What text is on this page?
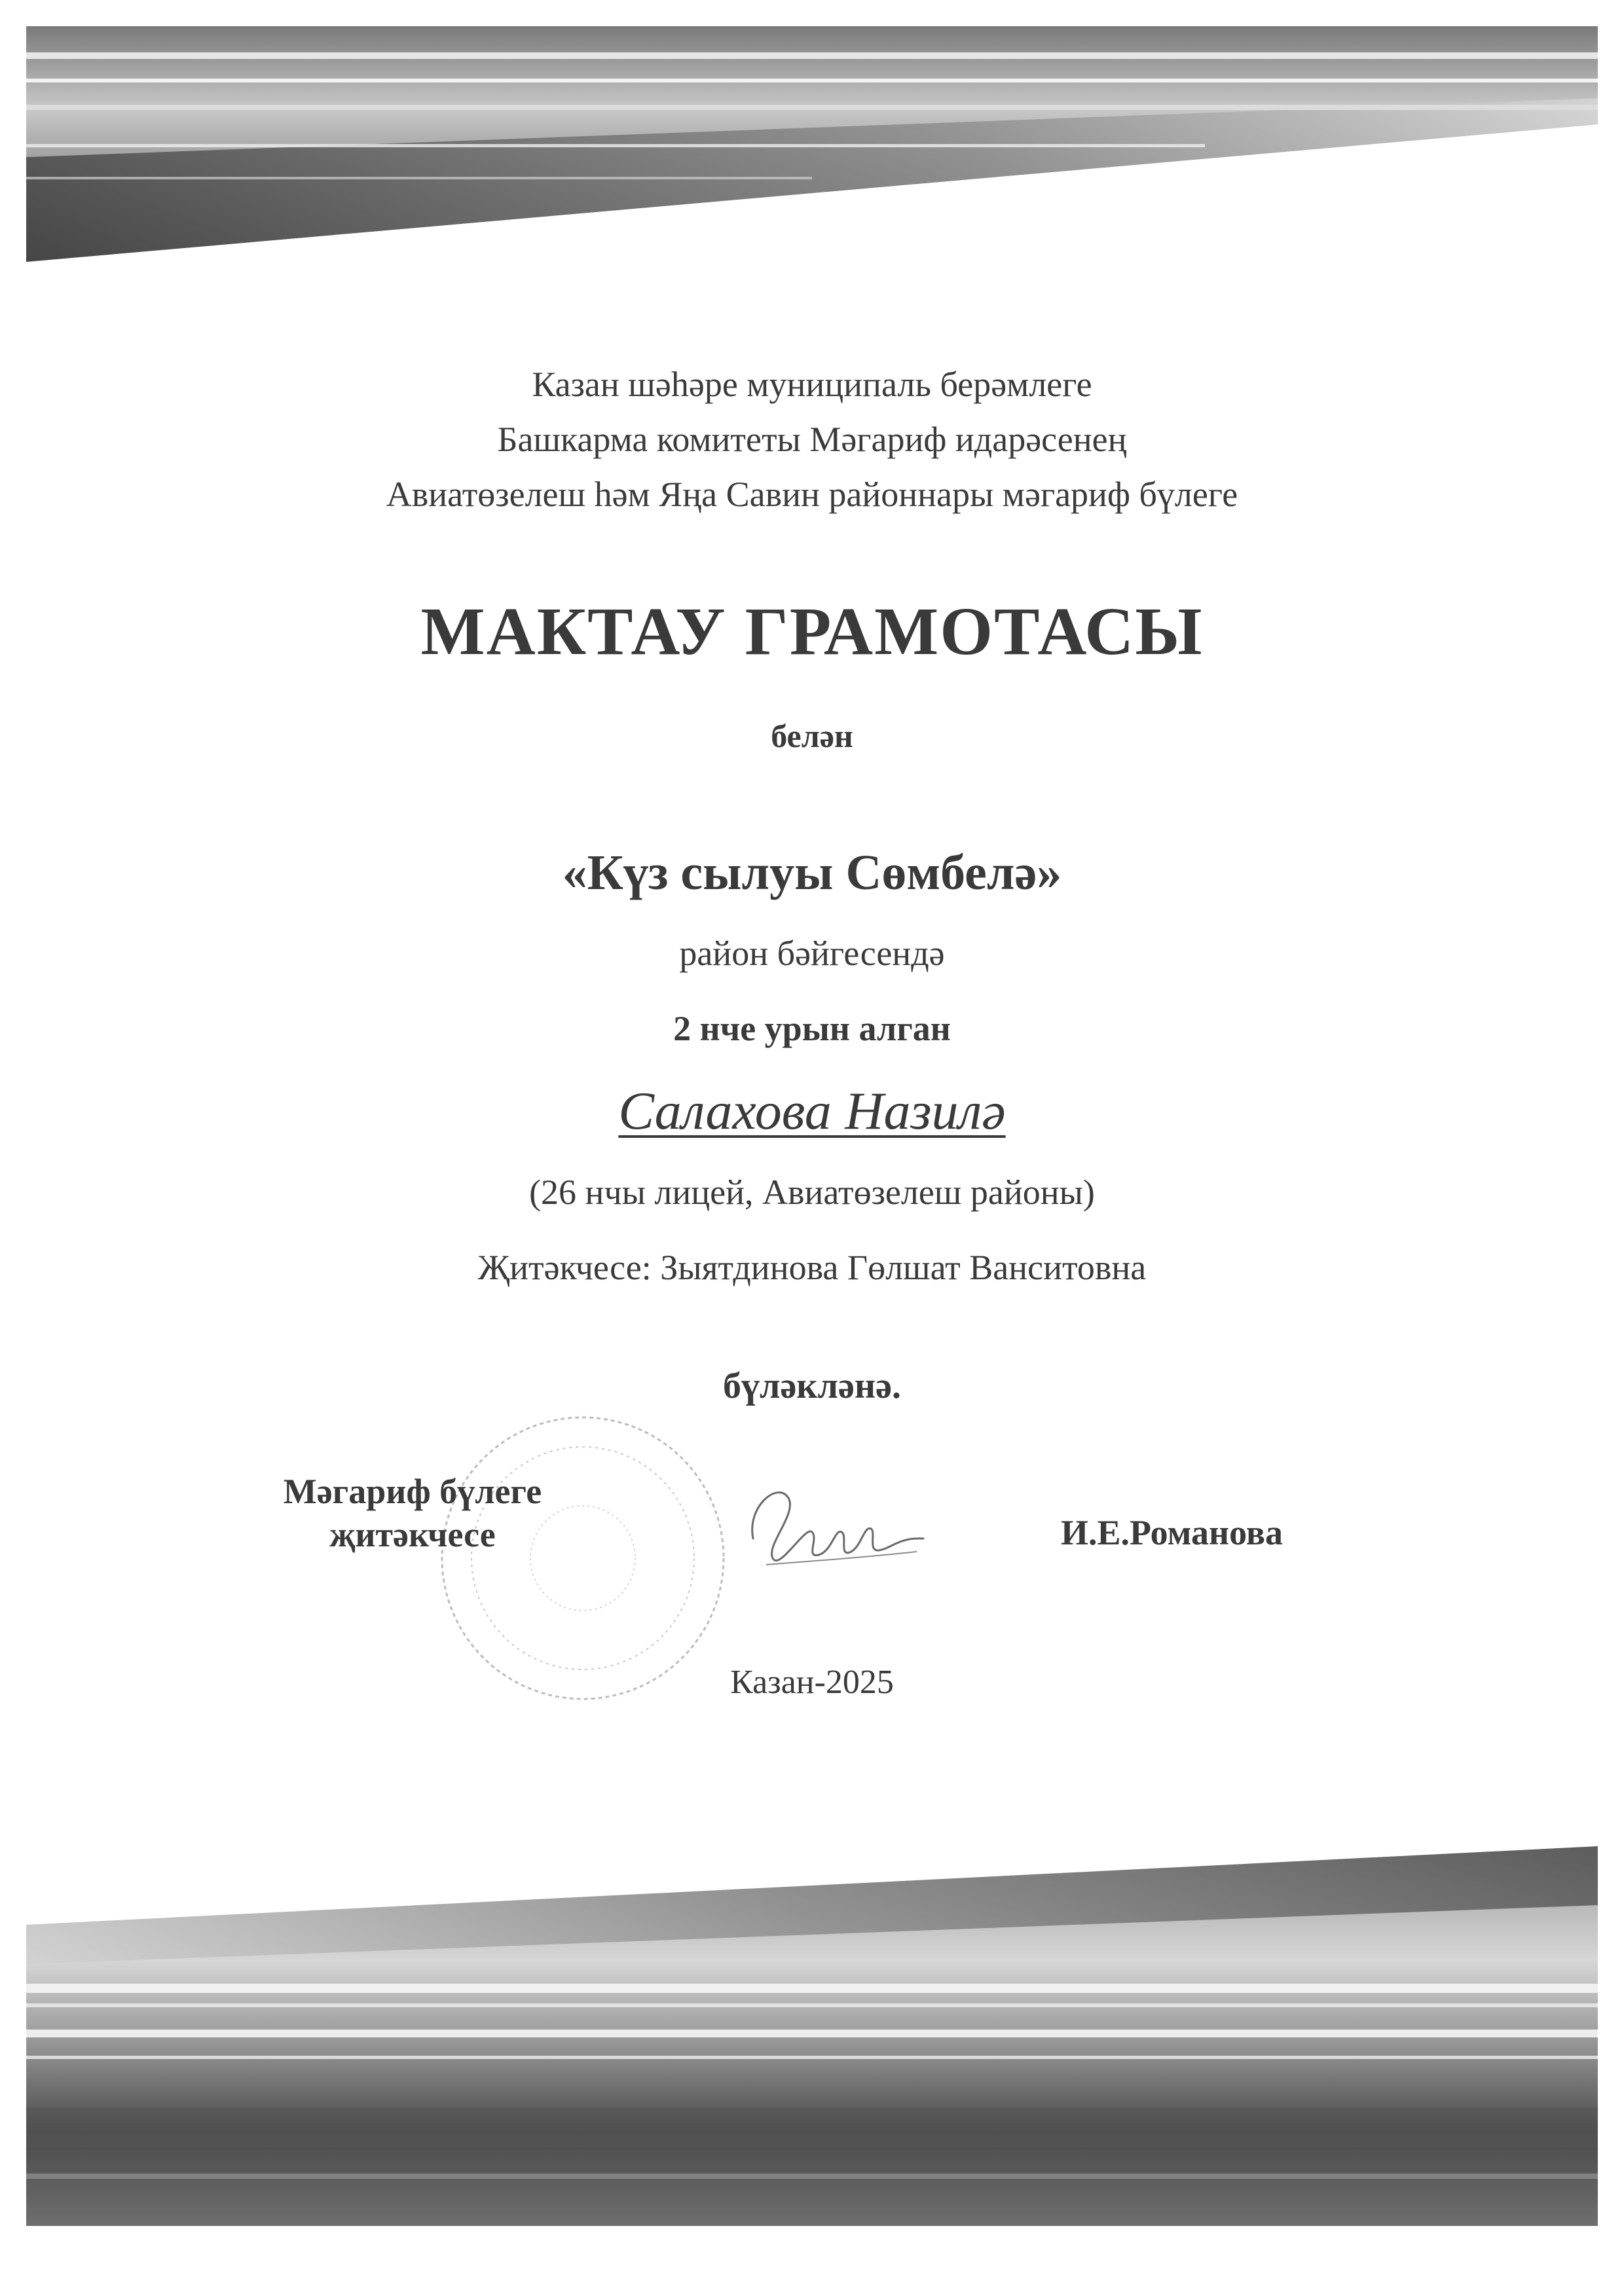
Казан шәһәре муниципаль берәмлеге
Башкарма комитеты Мәгариф идарәсенең
Авиатөзелеш һәм Яңа Савин районнары мәгариф бүлеге
МАКТАУ ГРАМОТАСЫ
белән
«Күз сылуы Сөмбелә»
район бәйгесендә
2 нче урын алган
Салахова Назилә
(26 нчы лицей, Авиатөзелеш районы)
Җитәкчесе: Зыятдинова Гөлшат Ванситовна
бүләкләнә.
Мәгариф бүлеге
җитәкчесе	И.Е.Романова
Казан-2025
